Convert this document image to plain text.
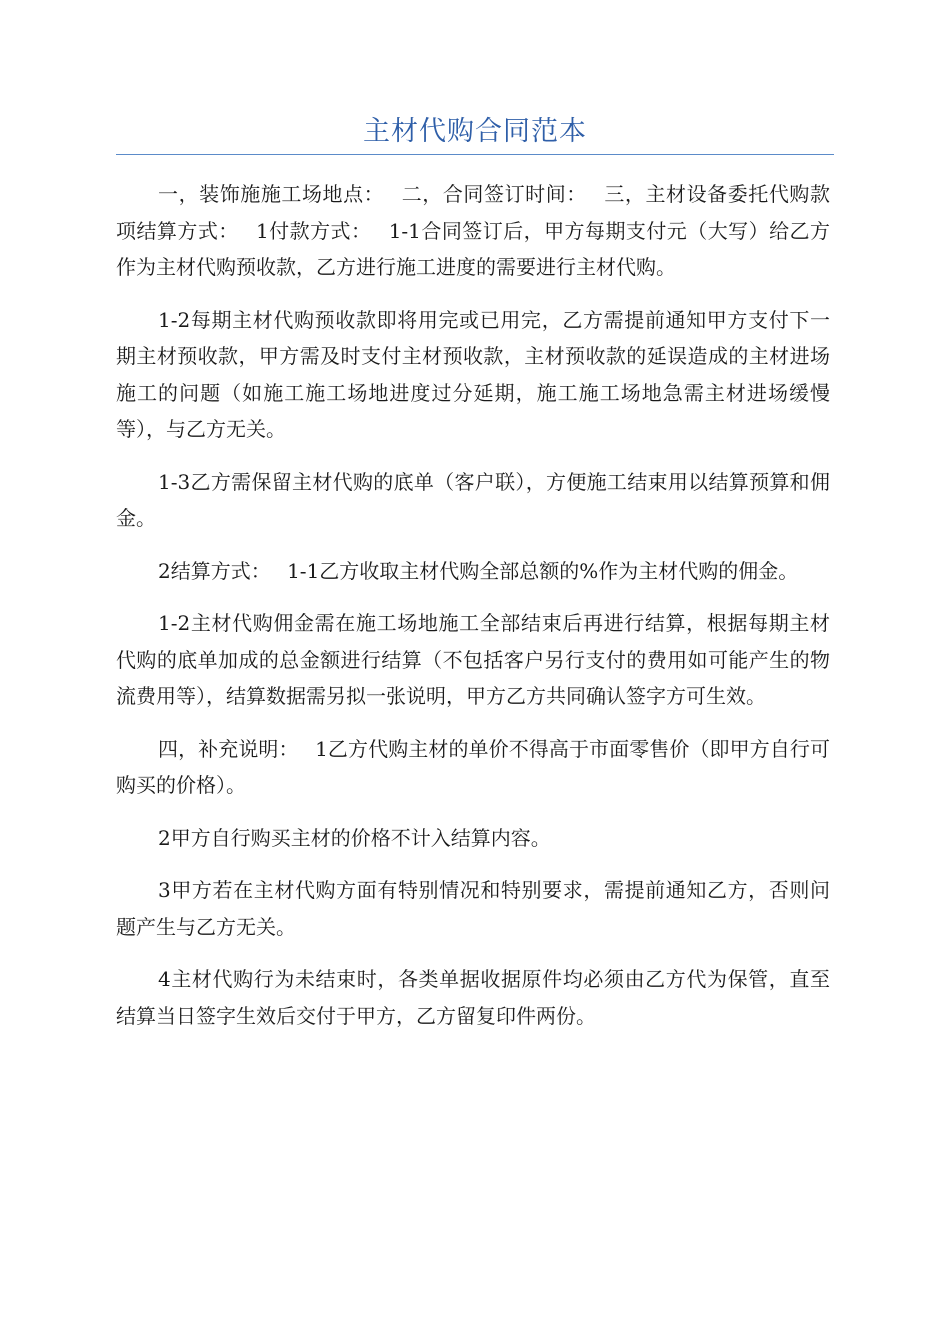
主材代购合同范本

一，装饰施施工场地点：　 二，合同签订时间：　 三，主材设备委托代购款项结算方式：　 1付款方式：　 1-1合同签订后，甲方每期支付元（大写）给乙方作为主材代购预收款，乙方进行施工进度的需要进行主材代购。

1-2每期主材代购预收款即将用完或已用完，乙方需提前通知甲方支付下一期主材预收款，甲方需及时支付主材预收款，主材预收款的延误造成的主材进场施工的问题（如施工施工场地进度过分延期，施工施工场地急需主材进场缓慢等），与乙方无关。

1-3乙方需保留主材代购的底单（客户联），方便施工结束用以结算预算和佣金。

2结算方式：　 1-1乙方收取主材代购全部总额的%作为主材代购的佣金。

1-2主材代购佣金需在施工场地施工全部结束后再进行结算，根据每期主材代购的底单加成的总金额进行结算（不包括客户另行支付的费用如可能产生的物流费用等），结算数据需另拟一张说明，甲方乙方共同确认签字方可生效。

四，补充说明：　 1乙方代购主材的单价不得高于市面零售价（即甲方自行可购买的价格）。

2甲方自行购买主材的价格不计入结算内容。

3甲方若在主材代购方面有特别情况和特别要求，需提前通知乙方，否则问题产生与乙方无关。

4主材代购行为未结束时，各类单据收据原件均必须由乙方代为保管，直至结算当日签字生效后交付于甲方，乙方留复印件两份。
